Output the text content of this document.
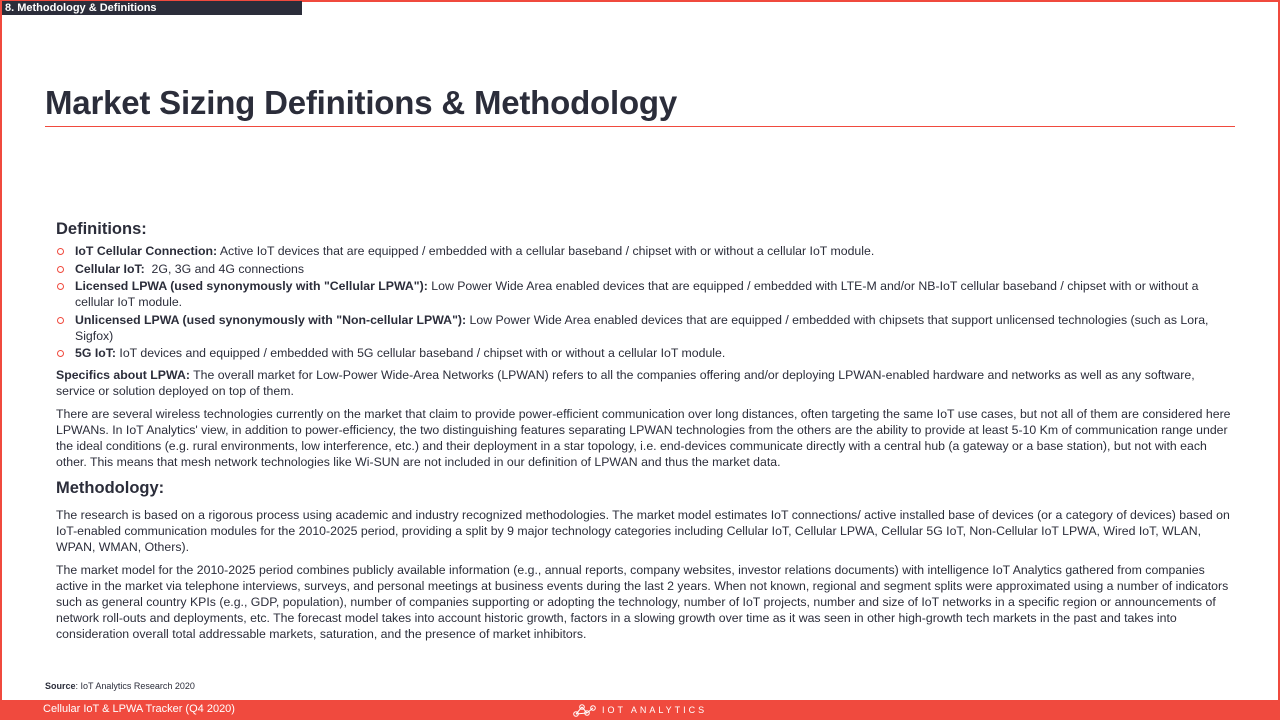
8. Methodology & Definitions
Market Sizing Definitions & Methodology
Definitions:
IoT Cellular Connection: Active IoT devices that are equipped / embedded with a cellular baseband / chipset with or without a cellular IoT module.
Cellular IoT:  2G, 3G and 4G connections
Licensed LPWA (used synonymously with "Cellular LPWA"): Low Power Wide Area enabled devices that are equipped / embedded with LTE-M and/or NB-IoT cellular baseband / chipset with or without a cellular IoT module.
Unlicensed LPWA (used synonymously with "Non-cellular LPWA"): Low Power Wide Area enabled devices that are equipped / embedded with chipsets that support unlicensed technologies (such as Lora, Sigfox)
5G IoT: IoT devices and equipped / embedded with 5G cellular baseband / chipset with or without a cellular IoT module.

Specifics about LPWA: The overall market for Low-Power Wide-Area Networks (LPWAN) refers to all the companies offering and/or deploying LPWAN-enabled hardware and networks as well as any software, service or solution deployed on top of them.

There are several wireless technologies currently on the market that claim to provide power-efficient communication over long distances, often targeting the same IoT use cases, but not all of them are considered here LPWANs. In IoT Analytics' view, in addition to power-efficiency, the two distinguishing features separating LPWAN technologies from the others are the ability to provide at least 5-10 Km of communication range under the ideal conditions (e.g. rural environments, low interference, etc.) and their deployment in a star topology, i.e. end-devices communicate directly with a central hub (a gateway or a base station), but not with each other. This means that mesh network technologies like Wi-SUN are not included in our definition of LPWAN and thus the market data.

Methodology:

The research is based on a rigorous process using academic and industry recognized methodologies. The market model estimates IoT connections/ active installed base of devices (or a category of devices) based on IoT-enabled communication modules for the 2010-2025 period, providing a split by 9 major technology categories including Cellular IoT, Cellular LPWA, Cellular 5G IoT, Non-Cellular IoT LPWA, Wired IoT, WLAN, WPAN, WMAN, Others).

The market model for the 2010-2025 period combines publicly available information (e.g., annual reports, company websites, investor relations documents) with intelligence IoT Analytics gathered from companies active in the market via telephone interviews, surveys, and personal meetings at business events during the last 2 years. When not known, regional and segment splits were approximated using a number of indicators such as general country KPIs (e.g., GDP, population), number of companies supporting or adopting the technology, number of IoT projects, number and size of IoT networks in a specific region or announcements of network roll-outs and deployments, etc. The forecast model takes into account historic growth, factors in a slowing growth over time as it was seen in other high-growth tech markets in the past and takes into consideration overall total addressable markets, saturation, and the presence of market inhibitors.

Source: IoT Analytics Research 2020
Cellular IoT & LPWA Tracker (Q4 2020)	IOT ANALYTICS
